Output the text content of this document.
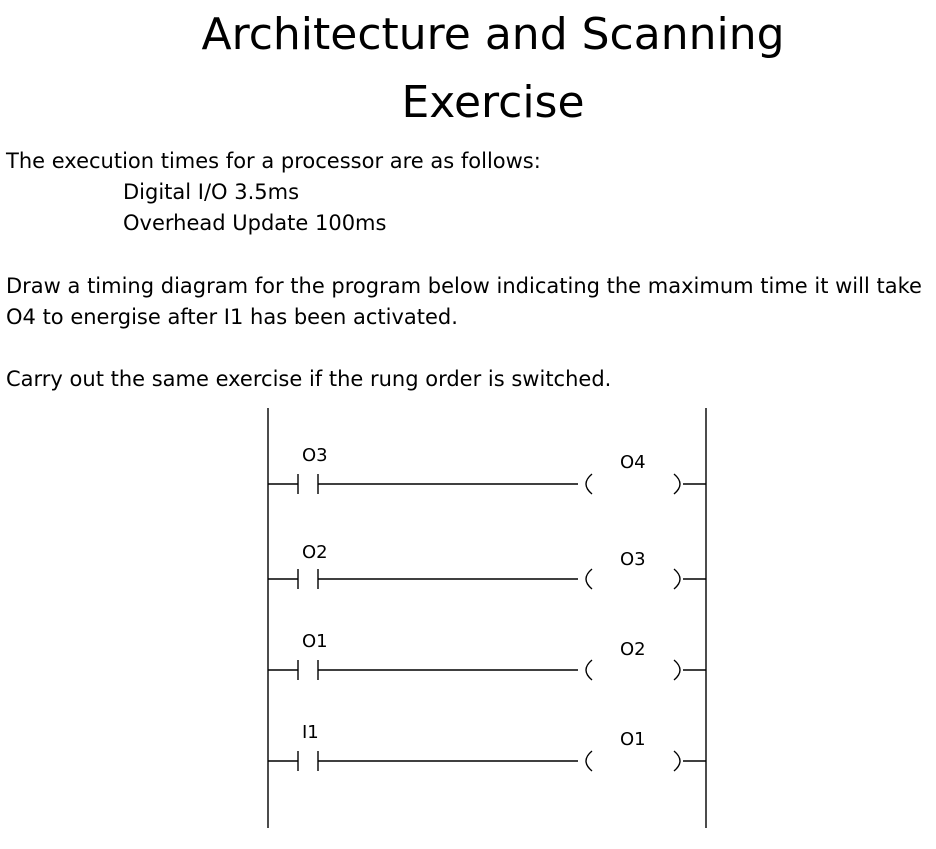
Architecture and Scanning
Exercise
The execution times for a processor are as follows:
Digital I/O 3.5ms
Overhead Update 100ms
Draw a timing diagram for the program below indicating the maximum time it will take
O4 to energise after I1 has been activated.
Carry out the same exercise if the rung order is switched.
O3	O4
O2	O3
O1	O2
I1	O1
